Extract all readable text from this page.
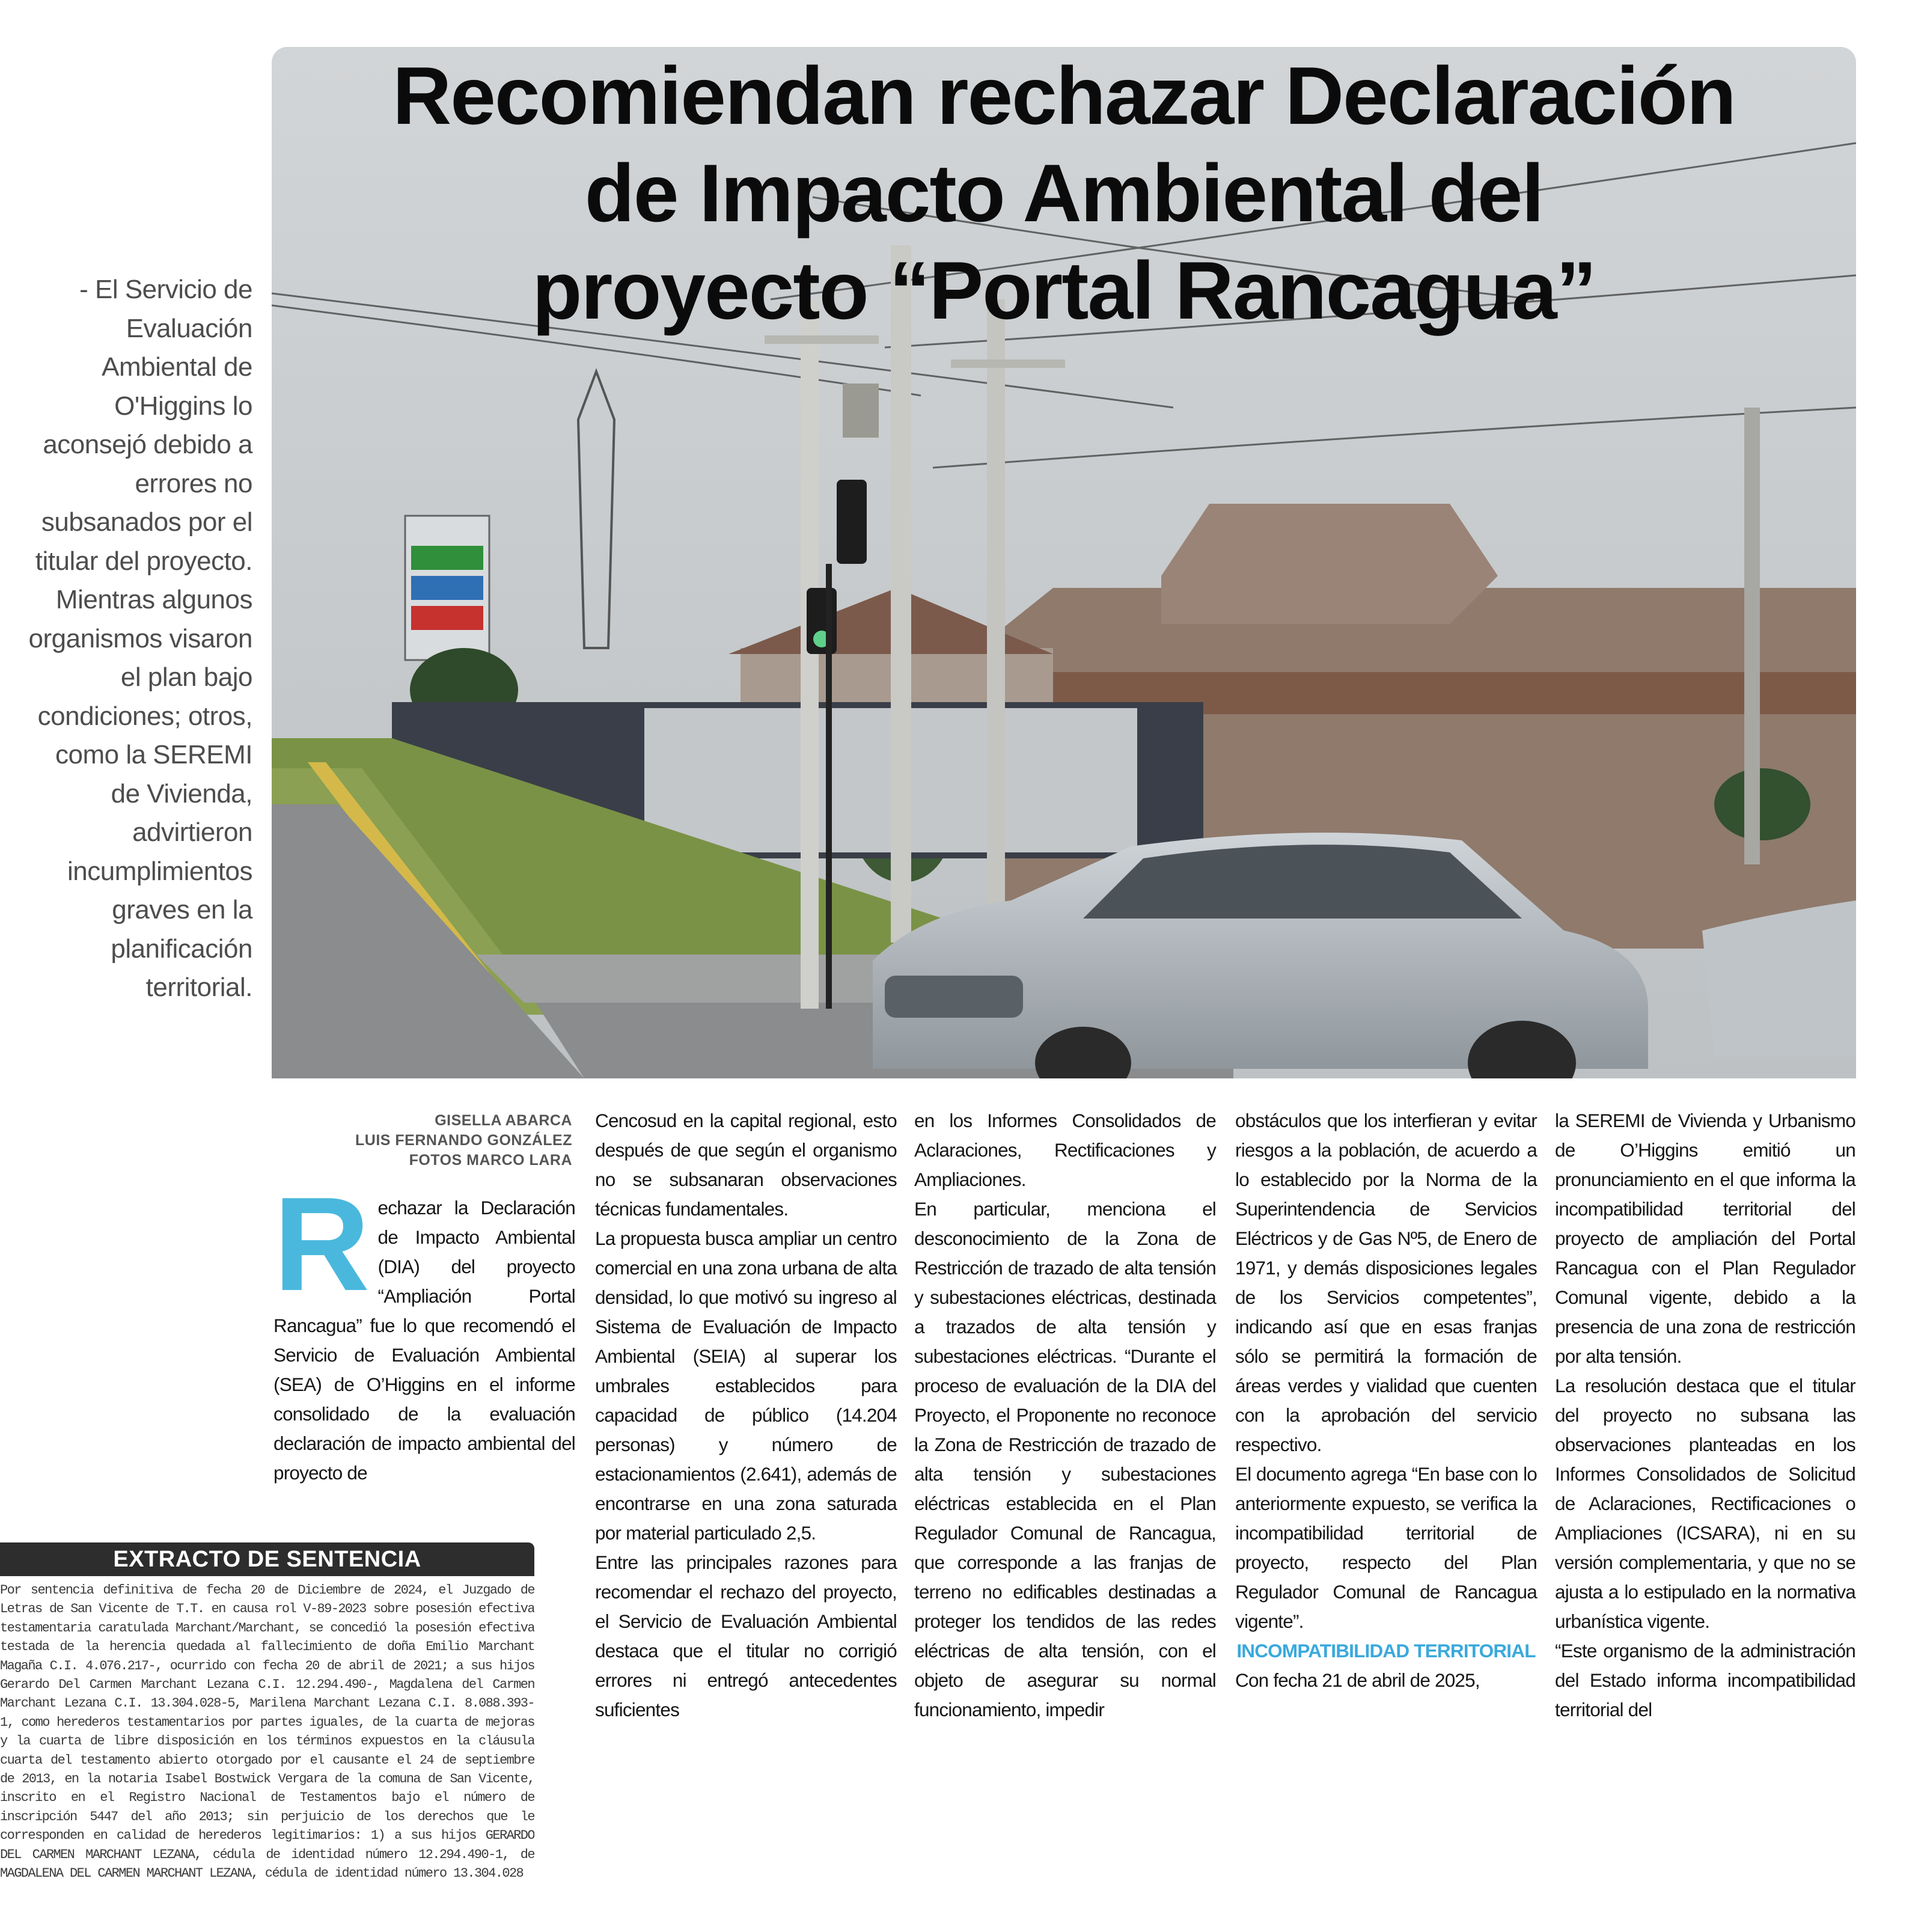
Recomiendan rechazar Declaración
de Impacto Ambiental del
proyecto “Portal Rancagua”

- El Servicio de Evaluación Ambiental de O'Higgins lo aconsejó debido a errores no subsanados por el titular del proyecto. Mientras algunos organismos visaron el plan bajo condiciones; otros, como la SEREMI de Vivienda, advirtieron incumplimientos graves en la planificación territorial.

GISELLA ABARCA
LUIS FERNANDO GONZÁLEZ
FOTOS MARCO LARA
R echazar la Declaración de Impacto Ambiental (DIA) del proyecto “Ampliación Portal Rancagua” fue lo que recomendó el Servicio de Evaluación Ambiental (SEA) de O’Higgins en el informe consolidado de la evaluación declaración de impacto ambiental del proyecto de

Cencosud en la capital regional, esto después de que según el organismo no se subsanaran observaciones técnicas fundamentales.

La propuesta busca ampliar un centro comercial en una zona urbana de alta densidad, lo que motivó su ingreso al Sistema de Evaluación de Impacto Ambiental (SEIA) al superar los umbrales establecidos para capacidad de público (14.204 personas) y número de estacionamientos (2.641), además de encontrarse en una zona saturada por material particulado 2,5.

Entre las principales razones para recomendar el rechazo del proyecto, el Servicio de Evaluación Ambiental destaca que el titular no corrigió errores ni entregó antecedentes suficientes

en los Informes Consolidados de Aclaraciones, Rectificaciones y Ampliaciones.

En particular, menciona el desconocimiento de la Zona de Restricción de trazado de alta tensión y subestaciones eléctricas, destinada a trazados de alta tensión y subestaciones eléctricas. “Durante el proceso de evaluación de la DIA del Proyecto, el Proponente no reconoce la Zona de Restricción de trazado de alta tensión y subestaciones eléctricas establecida en el Plan Regulador Comunal de Rancagua, que corresponde a las franjas de terreno no edificables destinadas a proteger los tendidos de las redes eléctricas de alta tensión, con el objeto de asegurar su normal funcionamiento, impedir

obstáculos que los interfieran y evitar riesgos a la población, de acuerdo a lo establecido por la Norma de la Superintendencia de Servicios Eléctricos y de Gas Nº5, de Enero de 1971, y demás disposiciones legales de los Servicios competentes”, indicando así que en esas franjas sólo se permitirá la formación de áreas verdes y vialidad que cuenten con la aprobación del servicio respectivo.

El documento agrega “En base con lo anteriormente expuesto, se verifica la incompatibilidad territorial de proyecto, respecto del Plan Regulador Comunal de Rancagua vigente”.

INCOMPATIBILIDAD TERRITORIAL

Con fecha 21 de abril de 2025,

la SEREMI de Vivienda y Urbanismo de O’Higgins emitió un pronunciamiento en el que informa la incompatibilidad territorial del proyecto de ampliación del Portal Rancagua con el Plan Regulador Comunal vigente, debido a la presencia de una zona de restricción por alta tensión.

La resolución destaca que el titular del proyecto no subsana las observaciones planteadas en los Informes Consolidados de Solicitud de Aclaraciones, Rectificaciones o Ampliaciones (ICSARA), ni en su versión complementaria, y que no se ajusta a lo estipulado en la normativa urbanística vigente.

“Este organismo de la administración del Estado informa incompatibilidad territorial del

EXTRACTO DE SENTENCIA

Por sentencia definitiva de fecha 20 de Diciembre de 2024, el Juzgado de Letras de San Vicente de T.T. en causa rol V-89-2023 sobre posesión efectiva testamentaria caratulada Marchant/Marchant, se concedió la posesión efectiva testada de la herencia quedada al fallecimiento de doña Emilio Marchant Magaña C.I. 4.076.217-, ocurrido con fecha 20 de abril de 2021; a sus hijos Gerardo Del Carmen Marchant Lezana C.I. 12.294.490-, Magdalena del Carmen Marchant Lezana C.I. 13.304.028-5, Marilena Marchant Lezana C.I. 8.088.393-1, como herederos testamentarios por partes iguales, de la cuarta de mejoras y la cuarta de libre disposición en los términos expuestos en la cláusula cuarta del testamento abierto otorgado por el causante el 24 de septiembre de 2013, en la notaria Isabel Bostwick Vergara de la comuna de San Vicente, inscrito en el Registro Nacional de Testamentos bajo el número de inscripción 5447 del año 2013; sin perjuicio de los derechos que le corresponden en calidad de herederos legitimarios: 1) a sus hijos GERARDO DEL CARMEN MARCHANT LEZANA, cédula de identidad número 12.294.490-1, de MAGDALENA DEL CARMEN MARCHANT LEZANA, cédula de identidad número 13.304.028
